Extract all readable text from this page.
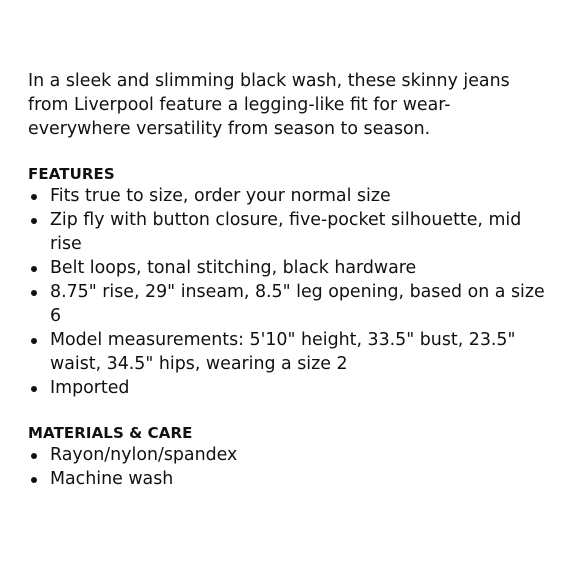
In a sleek and slimming black wash, these skinny jeans from Liverpool feature a legging-like fit for wear-everywhere versatility from season to season.

FEATURES
Fits true to size, order your normal size
Zip fly with button closure, five-pocket silhouette, mid rise
Belt loops, tonal stitching, black hardware
8.75" rise, 29" inseam, 8.5" leg opening, based on a size 6
Model measurements: 5'10" height, 33.5" bust, 23.5" waist, 34.5" hips, wearing a size 2
Imported
MATERIALS & CARE
Rayon/nylon/spandex
Machine wash
